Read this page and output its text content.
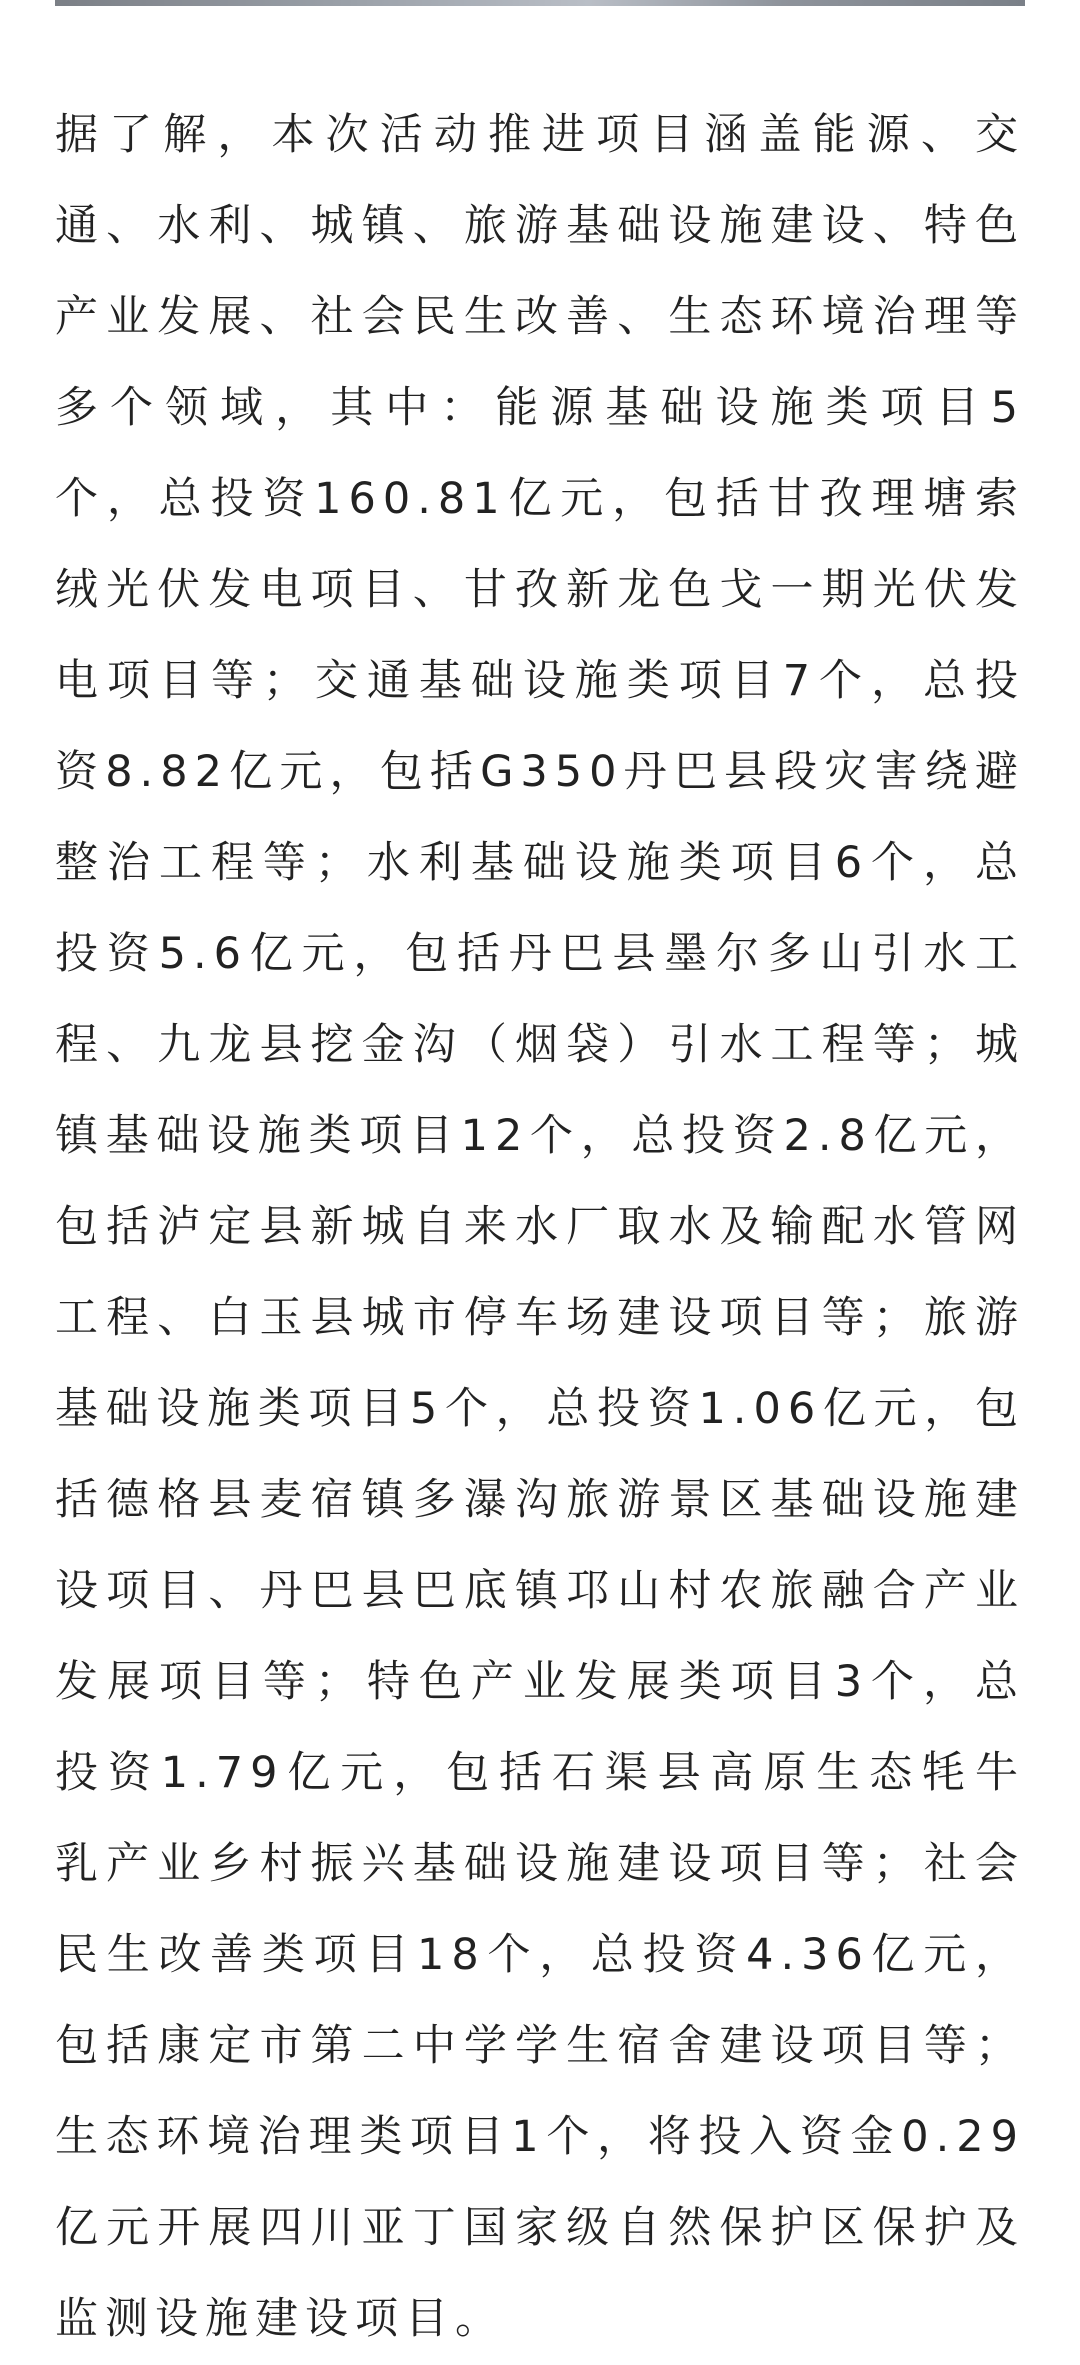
据了解，本次活动推进项目涵盖能源、交通、水利、城镇、旅游基础设施建设、特色产业发展、社会民生改善、生态环境治理等多个领域，其中：能源基础设施类项目5个，总投资160.81亿元，包括甘孜理塘索绒光伏发电项目、甘孜新龙色戈一期光伏发电项目等；交通基础设施类项目7个，总投资8.82亿元，包括G350丹巴县段灾害绕避整治工程等；水利基础设施类项目6个，总投资5.6亿元，包括丹巴县墨尔多山引水工程、九龙县挖金沟（烟袋）引水工程等；城镇基础设施类项目12个，总投资2.8亿元，包括泸定县新城自来水厂取水及输配水管网工程、白玉县城市停车场建设项目等；旅游基础设施类项目5个，总投资1.06亿元，包括德格县麦宿镇多瀑沟旅游景区基础设施建设项目、丹巴县巴底镇邛山村农旅融合产业发展项目等；特色产业发展类项目3个，总投资1.79亿元，包括石渠县高原生态牦牛乳产业乡村振兴基础设施建设项目等；社会民生改善类项目18个，总投资4.36亿元，包括康定市第二中学学生宿舍建设项目等；生态环境治理类项目1个，将投入资金0.29亿元开展四川亚丁国家级自然保护区保护及监测设施建设项目。
